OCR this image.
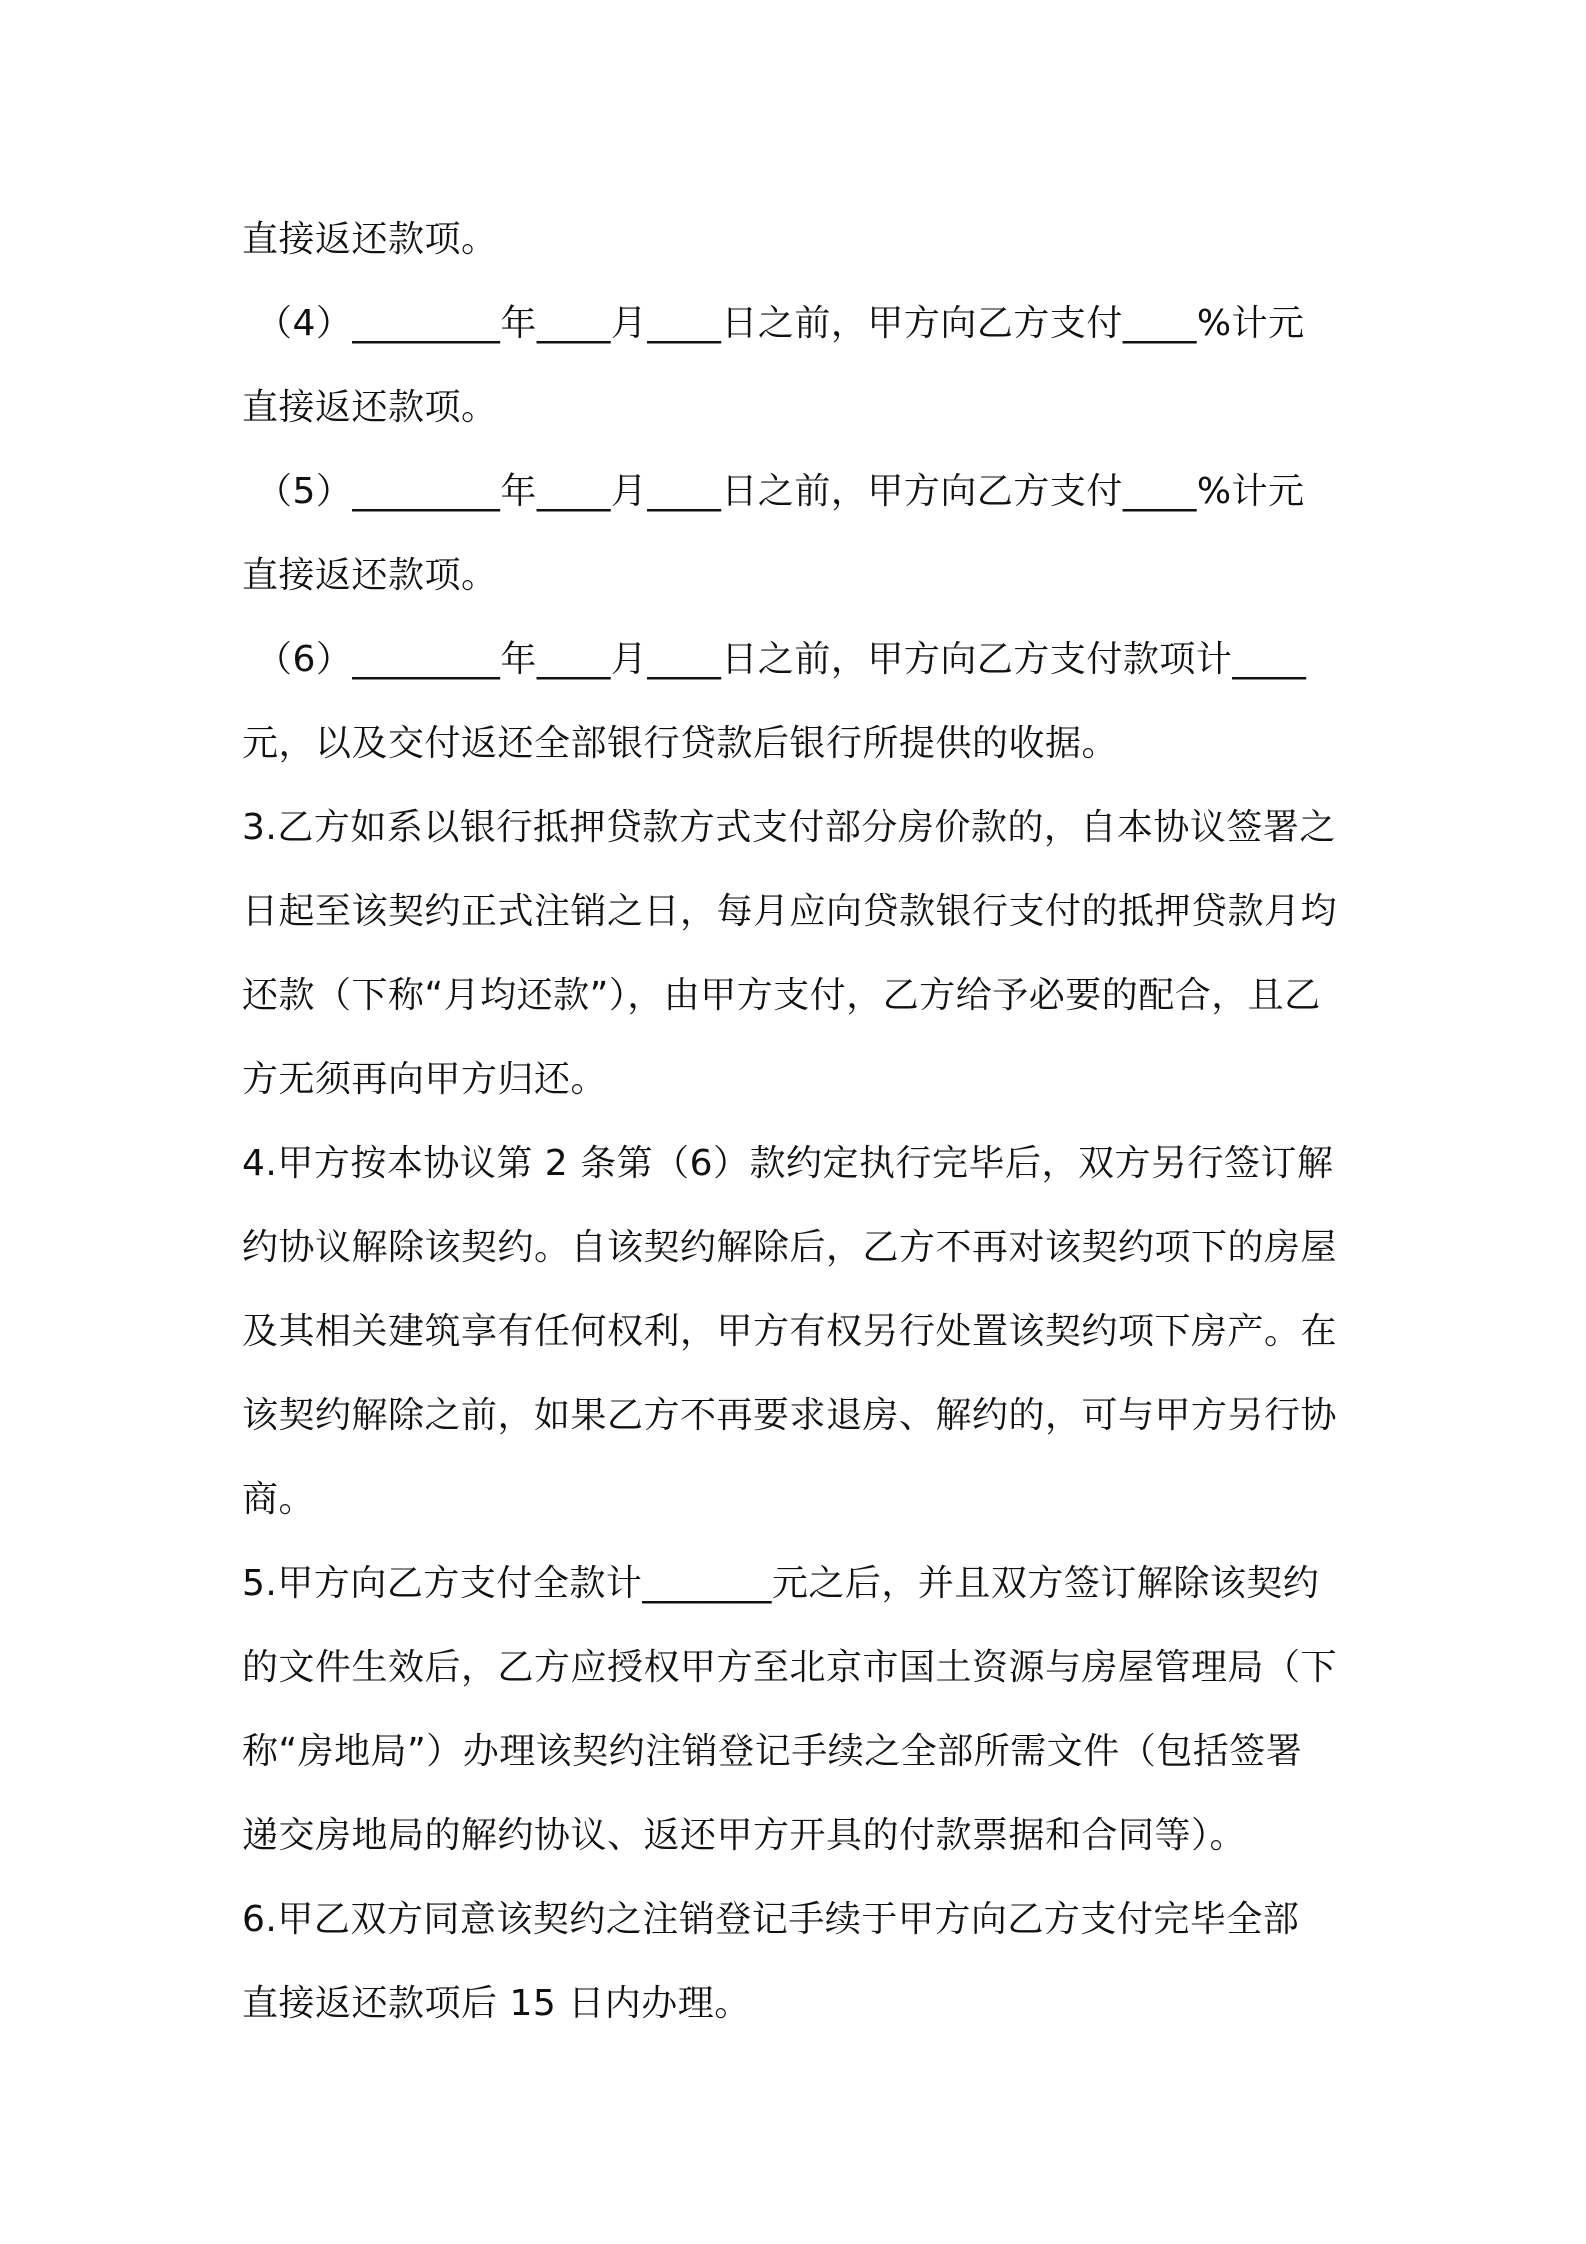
直接返还款项。
（4）________年____月____日之前，甲方向乙方支付____%计元
直接返还款项。
（5）________年____月____日之前，甲方向乙方支付____%计元
直接返还款项。
（6）________年____月____日之前，甲方向乙方支付款项计____
元，以及交付返还全部银行贷款后银行所提供的收据。
3.乙方如系以银行抵押贷款方式支付部分房价款的，自本协议签署之
日起至该契约正式注销之日，每月应向贷款银行支付的抵押贷款月均
还款（下称“月均还款”），由甲方支付，乙方给予必要的配合，且乙
方无须再向甲方归还。
4.甲方按本协议第 2 条第（6）款约定执行完毕后，双方另行签订解
约协议解除该契约。自该契约解除后，乙方不再对该契约项下的房屋
及其相关建筑享有任何权利，甲方有权另行处置该契约项下房产。在
该契约解除之前，如果乙方不再要求退房、解约的，可与甲方另行协
商。
5.甲方向乙方支付全款计_______元之后，并且双方签订解除该契约
的文件生效后，乙方应授权甲方至北京市国土资源与房屋管理局（下
称“房地局”）办理该契约注销登记手续之全部所需文件（包括签署
递交房地局的解约协议、返还甲方开具的付款票据和合同等）。
6.甲乙双方同意该契约之注销登记手续于甲方向乙方支付完毕全部
直接返还款项后 15 日内办理。
